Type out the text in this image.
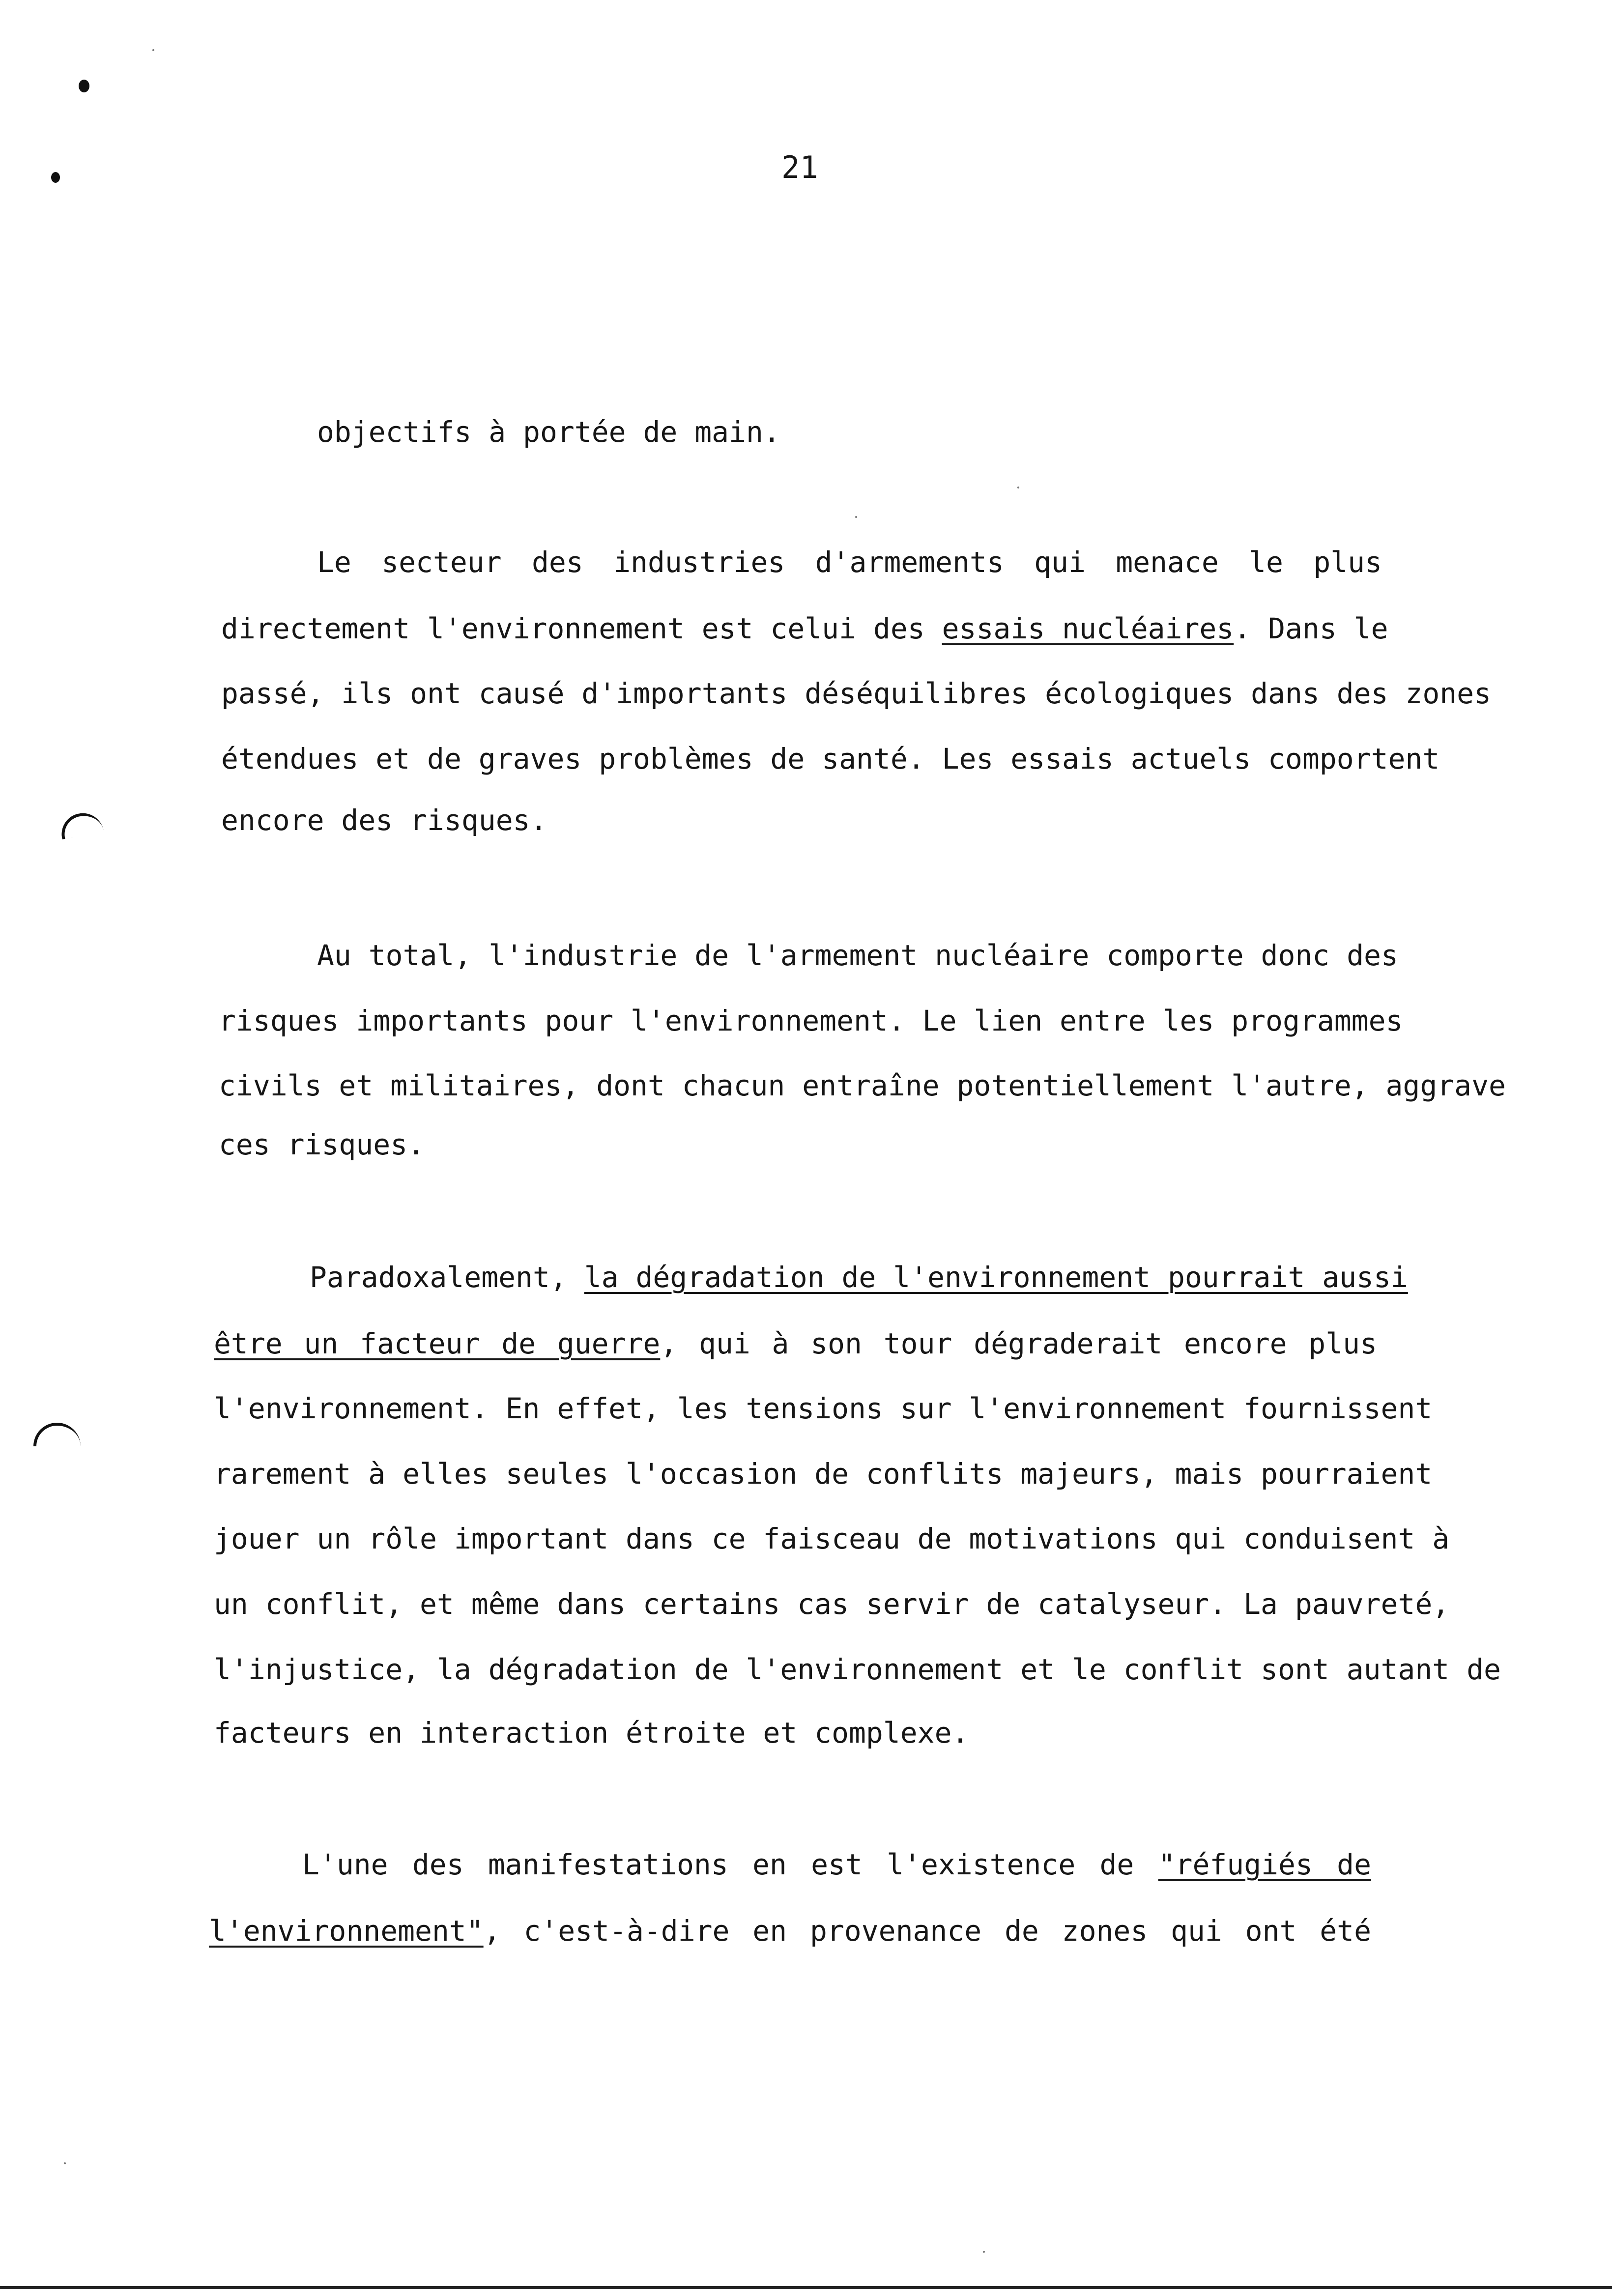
21
objectifs à portée de main.
Le secteur des industries d'armements qui menace le plus
directement l'environnement est celui des essais nucléaires. Dans le
passé, ils ont causé d'importants déséquilibres écologiques dans des zones
étendues et de graves problèmes de santé. Les essais actuels comportent
encore des risques.
Au total, l'industrie de l'armement nucléaire comporte donc des
risques importants pour l'environnement. Le lien entre les programmes
civils et militaires, dont chacun entraîne potentiellement l'autre, aggrave
ces risques.
Paradoxalement, la dégradation de l'environnement pourrait aussi
être un facteur de guerre, qui à son tour dégraderait encore plus
l'environnement. En effet, les tensions sur l'environnement fournissent
rarement à elles seules l'occasion de conflits majeurs, mais pourraient
jouer un rôle important dans ce faisceau de motivations qui conduisent à
un conflit, et même dans certains cas servir de catalyseur. La pauvreté,
l'injustice, la dégradation de l'environnement et le conflit sont autant de
facteurs en interaction étroite et complexe.
L'une des manifestations en est l'existence de "réfugiés de
l'environnement", c'est-à-dire en provenance de zones qui ont été
